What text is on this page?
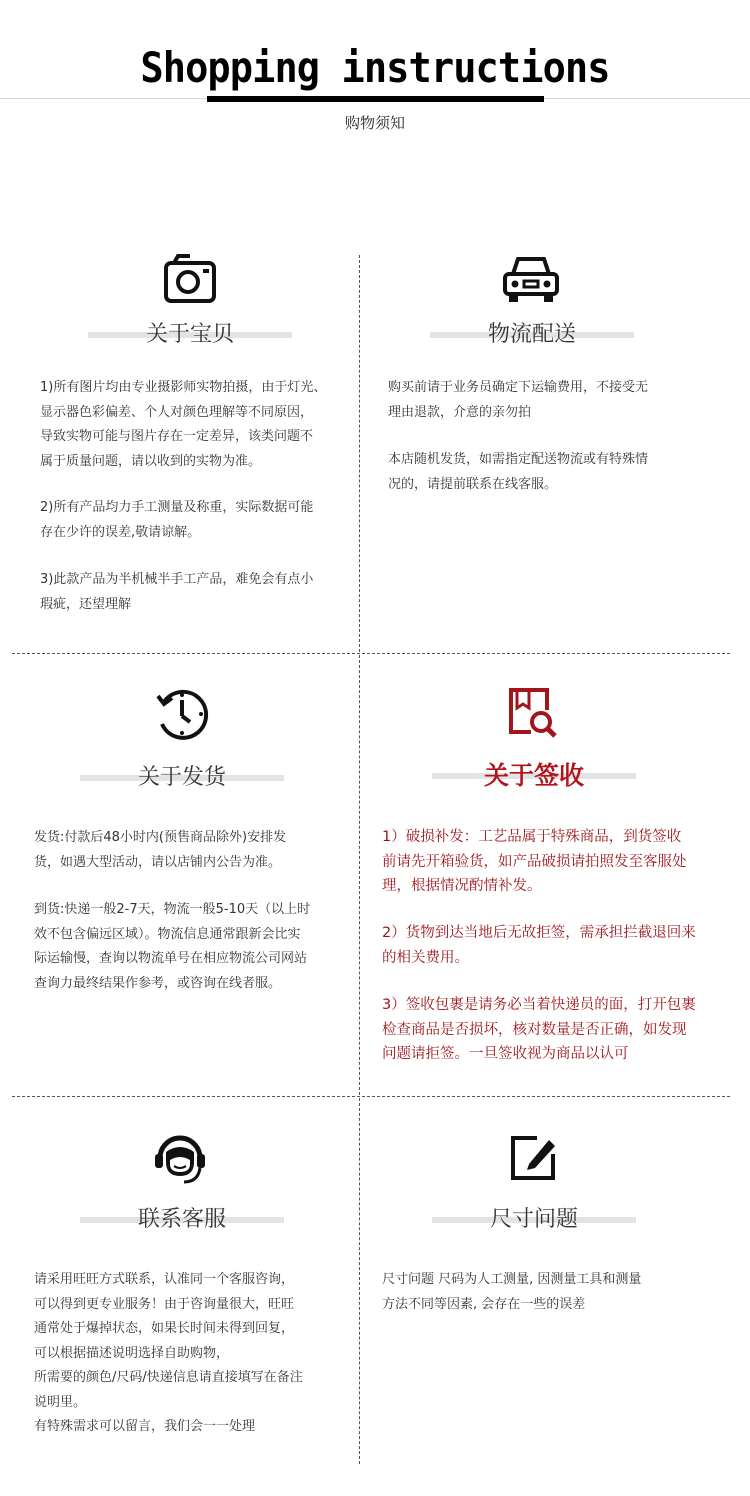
Shopping instructions
购物须知
关于宝贝

1)所有图片均由专业摄影师实物拍摄，由于灯光、
显示器色彩偏差、个人对颜色理解等不同原因，
导致实物可能与图片存在一定差异，该类问题不
属于质量问题，请以收到的实物为准。

2)所有产品均力手工测量及称重，实际数据可能
存在少许的误差,敬请谅解。

3)此款产品为半机械半手工产品，难免会有点小
瑕疵，还望理解

物流配送

购买前请于业务员确定下运输费用，不接受无
理由退款，介意的亲勿拍

本店随机发货，如需指定配送物流或有特殊情
况的，请提前联系在线客服。

关于发货

发货:付款后48小时内(预售商品除外)安排发
货，如遇大型活动，请以店铺内公告为准。

到货:快递一般2-7天，物流一般5-10天（以上时
效不包含偏远区域）。物流信息通常跟新会比实
际运输慢，查询以物流单号在相应物流公司网站
查询力最终结果作参考，或咨询在线者服。

关于签收

1）破损补发：工艺品属于特殊商品，到货签收
前请先开箱验货，如产品破损请拍照发至客服处
理，根据情况酌情补发。

2）货物到达当地后无故拒签，需承担拦截退回来
的相关费用。

3）签收包裹是请务必当着快递员的面，打开包裹
检查商品是否损坏，核对数量是否正确，如发现
问题请拒签。一旦签收视为商品以认可

联系客服

请采用旺旺方式联系，认准同一个客服咨询，
可以得到更专业服务！由于咨询量很大，旺旺
通常处于爆掉状态，如果长时间未得到回复，
可以根据描述说明选择自助购物，
所需要的颜色/尺码/快递信息请直接填写在备注
说明里。
有特殊需求可以留言，我们会一一处理

尺寸问题

尺寸问题 尺码为人工测量, 因测量工具和测量
方法不同等因素, 会存在一些的误差
